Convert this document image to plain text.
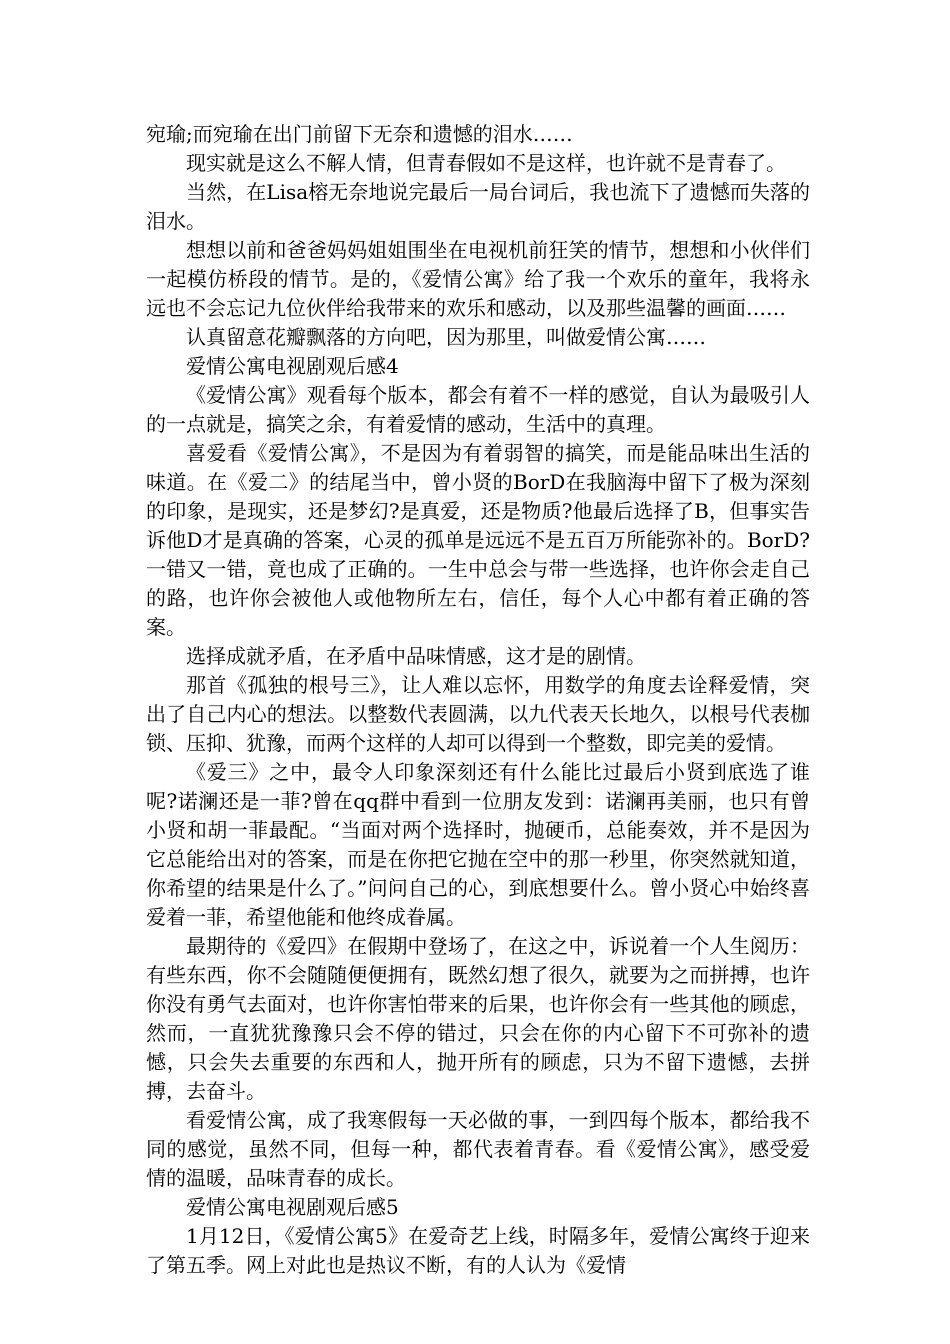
宛瑜;而宛瑜在出门前留下无奈和遗憾的泪水……

现实就是这么不解人情，但青春假如不是这样，也许就不是青春了。

当然，在Lisa榕无奈地说完最后一局台词后，我也流下了遗憾而失落的泪水。

想想以前和爸爸妈妈姐姐围坐在电视机前狂笑的情节，想想和小伙伴们一起模仿桥段的情节。是的，《爱情公寓》给了我一个欢乐的童年，我将永远也不会忘记九位伙伴给我带来的欢乐和感动，以及那些温馨的画面……

认真留意花瓣飘落的方向吧，因为那里，叫做爱情公寓……

爱情公寓电视剧观后感4

《爱情公寓》观看每个版本，都会有着不一样的感觉，自认为最吸引人的一点就是，搞笑之余，有着爱情的感动，生活中的真理。

喜爱看《爱情公寓》，不是因为有着弱智的搞笑，而是能品味出生活的味道。在《爱二》的结尾当中，曾小贤的BorD在我脑海中留下了极为深刻的印象，是现实，还是梦幻?是真爱，还是物质?他最后选择了B，但事实告诉他D才是真确的答案，心灵的孤单是远远不是五百万所能弥补的。BorD?一错又一错，竟也成了正确的。一生中总会与带一些选择，也许你会走自己的路，也许你会被他人或他物所左右，信任，每个人心中都有着正确的答案。

选择成就矛盾，在矛盾中品味情感，这才是的剧情。

那首《孤独的根号三》，让人难以忘怀，用数学的角度去诠释爱情，突出了自己内心的想法。以整数代表圆满，以九代表天长地久，以根号代表枷锁、压抑、犹豫，而两个这样的人却可以得到一个整数，即完美的爱情。

《爱三》之中，最令人印象深刻还有什么能比过最后小贤到底选了谁呢?诺澜还是一菲?曾在qq群中看到一位朋友发到：诺澜再美丽，也只有曾小贤和胡一菲最配。“当面对两个选择时，抛硬币，总能奏效，并不是因为它总能给出对的答案，而是在你把它抛在空中的那一秒里，你突然就知道，你希望的结果是什么了。”问问自己的心，到底想要什么。曾小贤心中始终喜爱着一菲，希望他能和他终成眷属。

最期待的《爱四》在假期中登场了，在这之中，诉说着一个人生阅历：有些东西，你不会随随便便拥有，既然幻想了很久，就要为之而拼搏，也许你没有勇气去面对，也许你害怕带来的后果，也许你会有一些其他的顾虑，然而，一直犹犹豫豫只会不停的错过，只会在你的内心留下不可弥补的遗憾，只会失去重要的东西和人，抛开所有的顾虑，只为不留下遗憾，去拼搏，去奋斗。

看爱情公寓，成了我寒假每一天必做的事，一到四每个版本，都给我不同的感觉，虽然不同，但每一种，都代表着青春。看《爱情公寓》，感受爱情的温暖，品味青春的成长。

爱情公寓电视剧观后感5

1月12日，《爱情公寓5》在爱奇艺上线，时隔多年，爱情公寓终于迎来了第五季。网上对此也是热议不断，有的人认为《爱情
